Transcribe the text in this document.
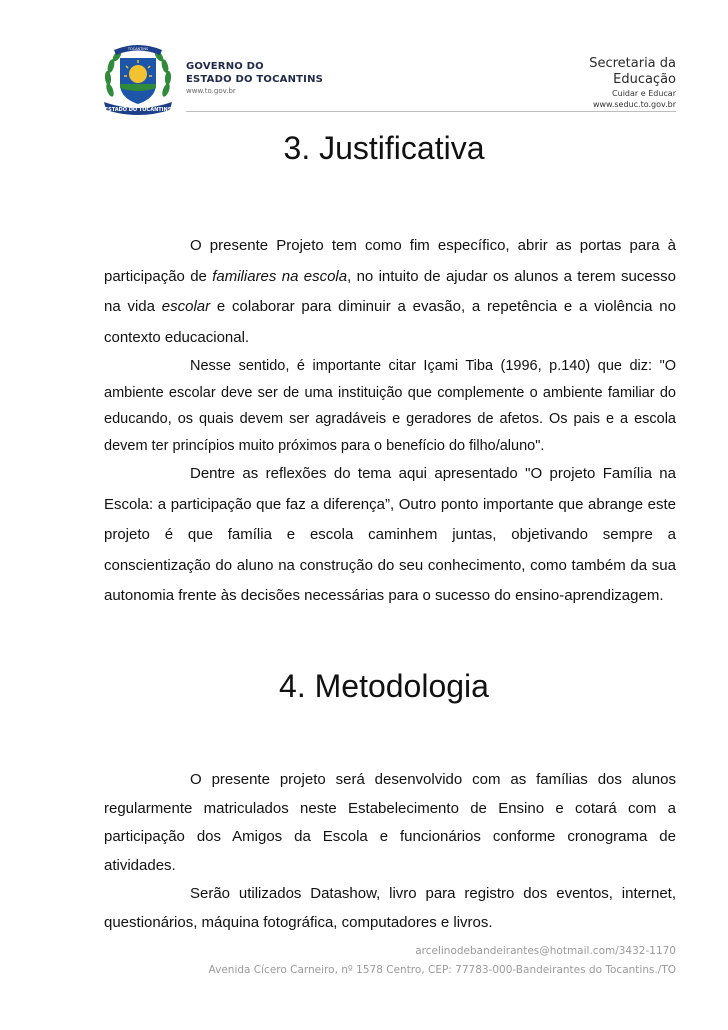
ESTADO DO TOCANTINS
TOCANTINS
GOVERNO DO
ESTADO DO TOCANTINS
www.to.gov.br
Secretaria da
Educação
Cuidar e Educar
www.seduc.to.gov.br
3. Justificativa

O presente Projeto tem como fim específico, abrir as portas para à participação de familiares na escola, no intuito de ajudar os alunos a terem sucesso na vida escolar e colaborar para diminuir a evasão, a repetência e a violência no contexto educacional.

Nesse sentido, é importante citar Içami Tiba (1996, p.140) que diz: "O ambiente escolar deve ser de uma instituição que complemente o ambiente familiar do educando, os quais devem ser agradáveis e geradores de afetos. Os pais e a escola devem ter princípios muito próximos para o benefício do filho/aluno".

Dentre as reflexões do tema aqui apresentado "O projeto Família na Escola: a participação que faz a diferença”, Outro ponto importante que abrange este projeto é que família e escola caminhem juntas, objetivando sempre a conscientização do aluno na construção do seu conhecimento, como também da sua autonomia frente às decisões necessárias para o sucesso do ensino-aprendizagem.

4. Metodologia

O presente projeto será desenvolvido com as famílias dos alunos regularmente matriculados neste Estabelecimento de Ensino e cotará com a participação dos Amigos da Escola e funcionários conforme cronograma de atividades.

Serão utilizados Datashow, livro para registro dos eventos, internet, questionários, máquina fotográfica, computadores e livros.

arcelinodebandeirantes@hotmail.com/3432-1170
Avenida Cícero Carneiro, nº 1578 Centro, CEP: 77783-000-Bandeirantes do Tocantins./TO
